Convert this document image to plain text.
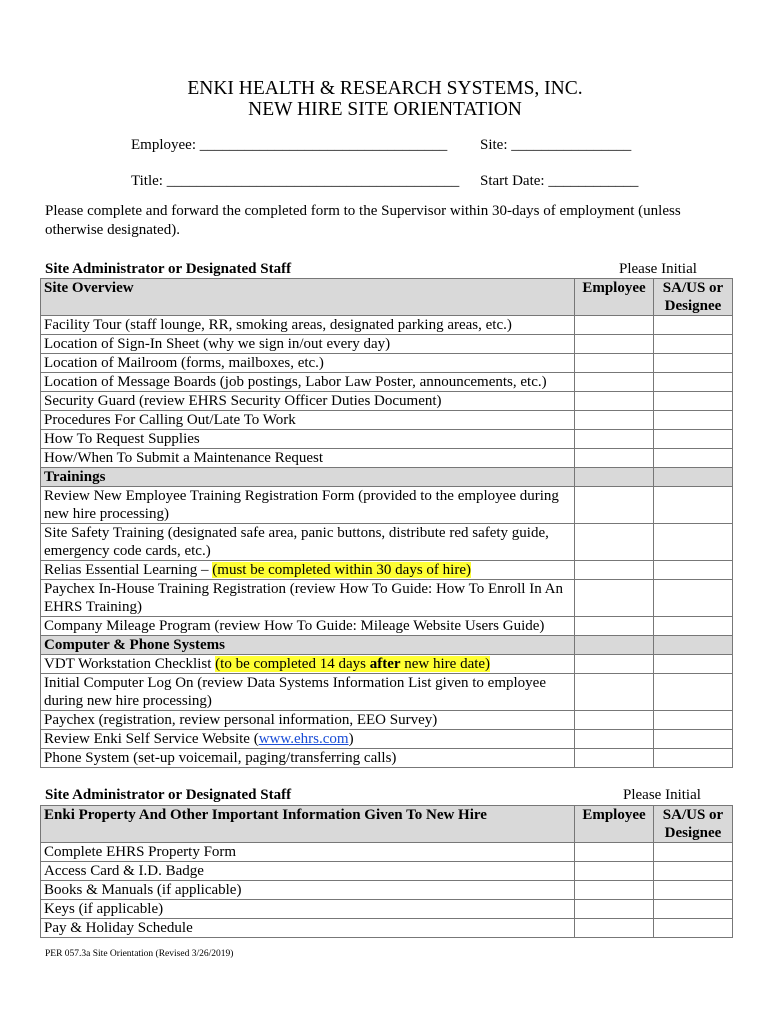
ENKI HEALTH & RESEARCH SYSTEMS, INC.
NEW HIRE SITE ORIENTATION
Employee: _________________________________ Site: ________________
Title: _______________________________________ Start Date: ____________
Please complete and forward the completed form to the Supervisor within 30-days of employment (unless otherwise designated).
Site Administrator or Designated Staff	Please Initial
Site Overview	Employee	SA/US or Designee
Facility Tour (staff lounge, RR, smoking areas, designated parking areas, etc.)		
Location of Sign-In Sheet (why we sign in/out every day)		
Location of Mailroom (forms, mailboxes, etc.)		
Location of Message Boards (job postings, Labor Law Poster, announcements, etc.)		
Security Guard (review EHRS Security Officer Duties Document)		
Procedures For Calling Out/Late To Work		
How To Request Supplies		
How/When To Submit a Maintenance Request		
Trainings		
Review New Employee Training Registration Form (provided to the employee during new hire processing)		
Site Safety Training (designated safe area, panic buttons, distribute red safety guide, emergency code cards, etc.)		
Relias Essential Learning – (must be completed within 30 days of hire)		
Paychex In-House Training Registration (review How To Guide: How To Enroll In An EHRS Training)		
Company Mileage Program (review How To Guide: Mileage Website Users Guide)		
Computer & Phone Systems		
VDT Workstation Checklist (to be completed 14 days after new hire date)		
Initial Computer Log On (review Data Systems Information List given to employee during new hire processing)		
Paychex (registration, review personal information, EEO Survey)		
Review Enki Self Service Website (www.ehrs.com)		
Phone System (set-up voicemail, paging/transferring calls)		
Site Administrator or Designated Staff	Please Initial
Enki Property And Other Important Information Given To New Hire	Employee	SA/US or Designee
Complete EHRS Property Form		
Access Card & I.D. Badge		
Books & Manuals (if applicable)		
Keys (if applicable)		
Pay & Holiday Schedule		
PER 057.3a Site Orientation (Revised 3/26/2019)
